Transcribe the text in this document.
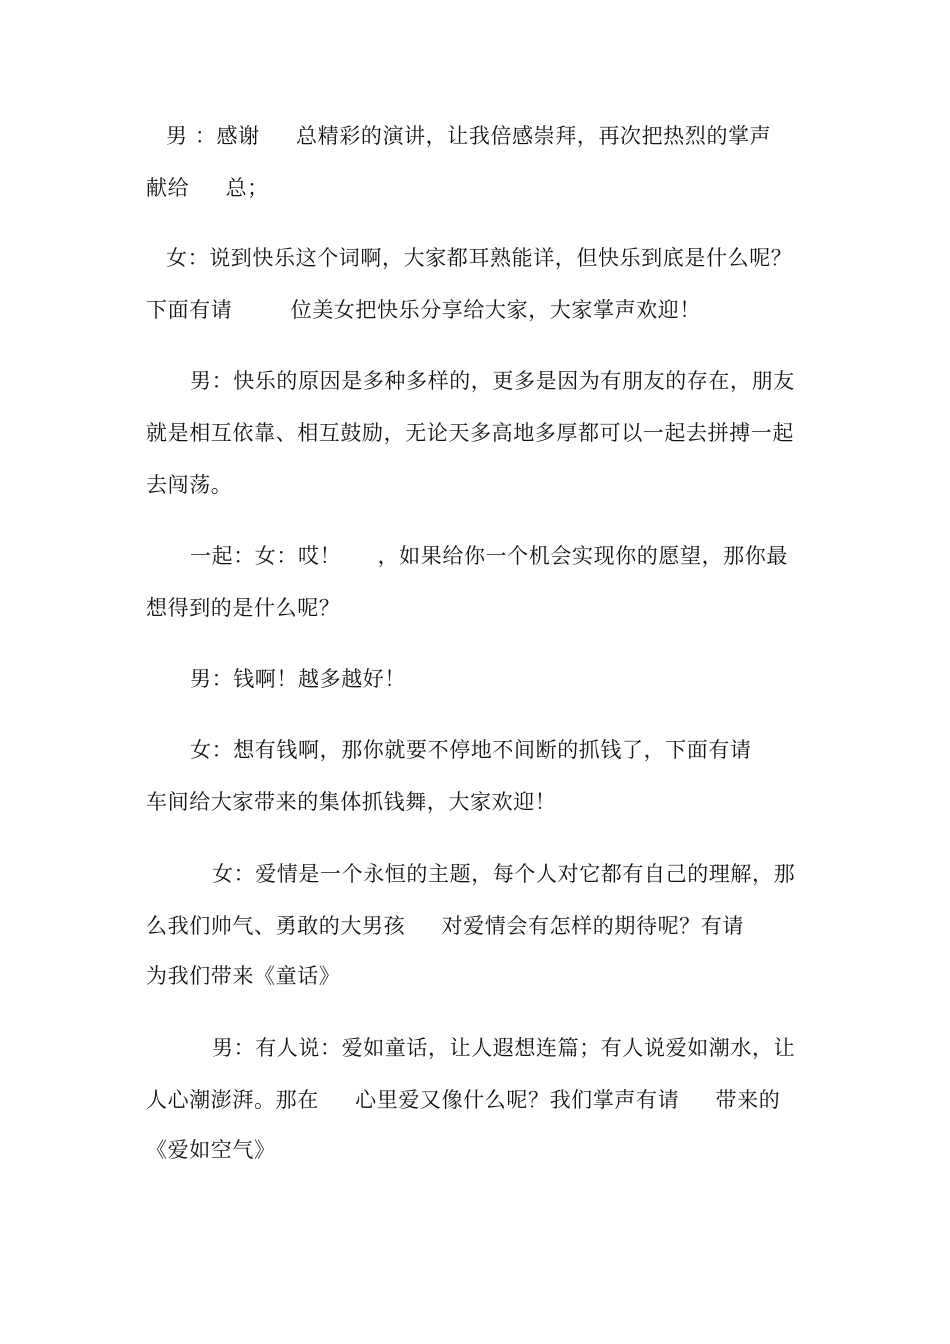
男 ：感谢     总精彩的演讲，让我倍感崇拜，再次把热烈的掌声
献给     总；
女：说到快乐这个词啊，大家都耳熟能详，但快乐到底是什么呢？
下面有请        位美女把快乐分享给大家，大家掌声欢迎！
男：快乐的原因是多种多样的，更多是因为有朋友的存在，朋友
就是相互依靠、相互鼓励，无论天多高地多厚都可以一起去拼搏一起
去闯荡。
一起：女：哎！     ，如果给你一个机会实现你的愿望，那你最
想得到的是什么呢？
男：钱啊！越多越好！
女：想有钱啊，那你就要不停地不间断的抓钱了，下面有请
车间给大家带来的集体抓钱舞，大家欢迎！
女：爱情是一个永恒的主题，每个人对它都有自己的理解，那
么我们帅气、勇敢的大男孩     对爱情会有怎样的期待呢？有请
为我们带来《童话》
男：有人说：爱如童话，让人遐想连篇；有人说爱如潮水，让
人心潮澎湃。那在     心里爱又像什么呢？我们掌声有请     带来的
《爱如空气》
